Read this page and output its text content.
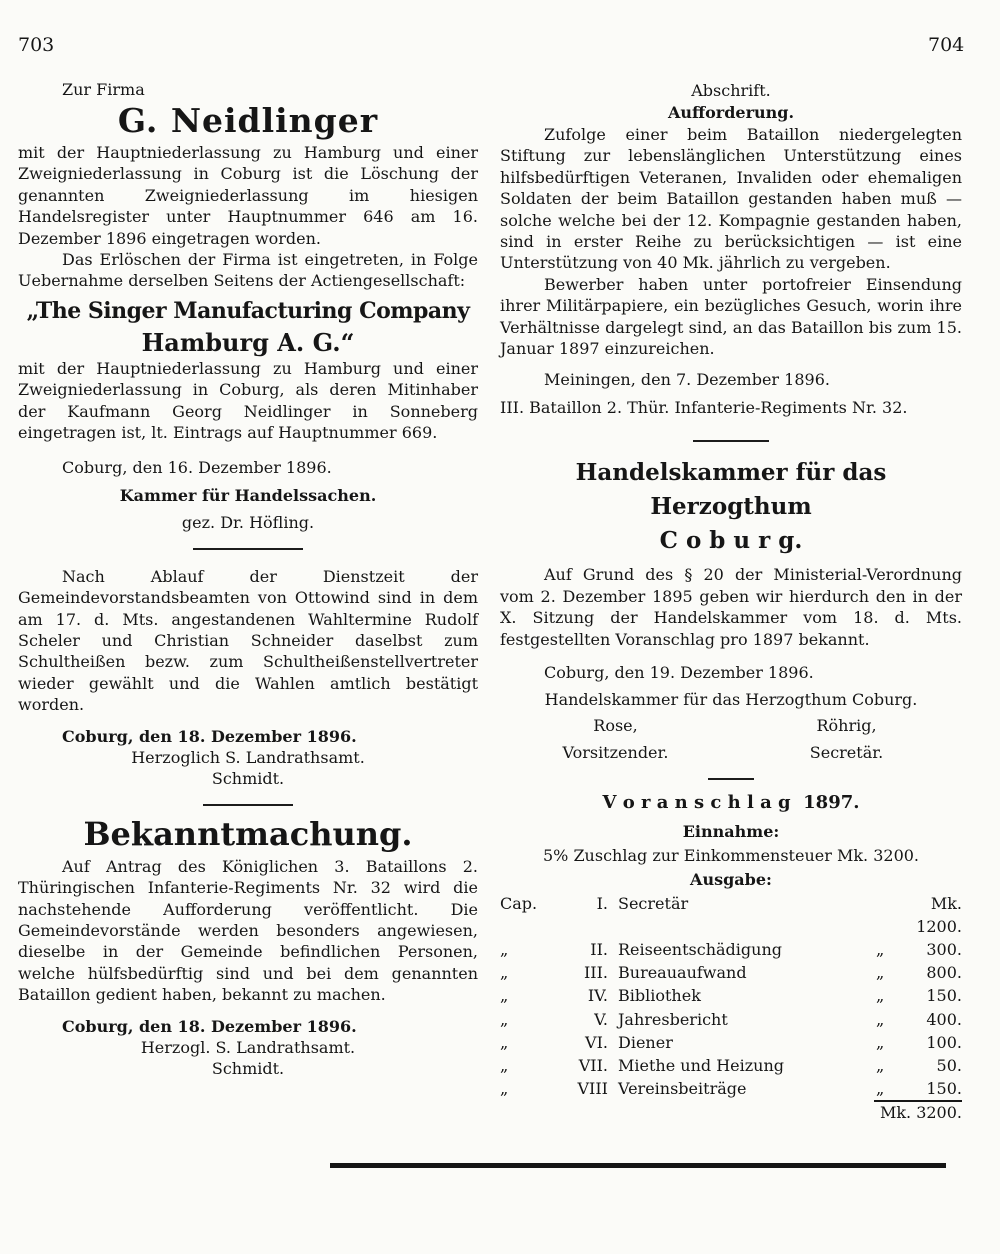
703	704

Zur Firma

G. Neidlinger

mit der Hauptniederlassung zu Hamburg und einer Zweigniederlassung in Coburg ist die Löschung der genannten Zweigniederlassung im hiesigen Handelsregister unter Hauptnummer 646 am 16. Dezember 1896 eingetragen worden.

Das Erlöschen der Firma ist eingetreten, in Folge Uebernahme derselben Seitens der Actiengesellschaft:

„The Singer Manufacturing Company

Hamburg A. G.“

mit der Hauptniederlassung zu Hamburg und einer Zweigniederlassung in Coburg, als deren Mitinhaber der Kaufmann Georg Neidlinger in Sonneberg eingetragen ist, lt. Eintrags auf Hauptnummer 669.

Coburg, den 16. Dezember 1896.

Kammer für Handelssachen.

gez. Dr. Höfling.

Nach Ablauf der Dienstzeit der Gemeindevorstandsbeamten von Ottowind sind in dem am 17. d. Mts. angestandenen Wahltermine Rudolf Scheler und Christian Schneider daselbst zum Schultheißen bezw. zum Schultheißenstellvertreter wieder gewählt und die Wahlen amtlich bestätigt worden.

Coburg, den 18. Dezember 1896.

Herzoglich S. Landrathsamt.

Schmidt.

Bekanntmachung.

Auf Antrag des Königlichen 3. Bataillons 2. Thüringischen Infanterie-Regiments Nr. 32 wird die nachstehende Aufforderung veröffentlicht. Die Gemeindevorstände werden besonders angewiesen, dieselbe in der Gemeinde befindlichen Personen, welche hülfsbedürftig sind und bei dem genannten Bataillon gedient haben, bekannt zu machen.

Coburg, den 18. Dezember 1896.

Herzogl. S. Landrathsamt.

Schmidt.

Abschrift.

Aufforderung.

Zufolge einer beim Bataillon niedergelegten Stiftung zur lebenslänglichen Unterstützung eines hilfsbedürftigen Veteranen, Invaliden oder ehemaligen Soldaten der beim Bataillon gestanden haben muß — solche welche bei der 12. Kompagnie gestanden haben, sind in erster Reihe zu berücksichtigen — ist eine Unterstützung von 40 Mk. jährlich zu vergeben.

Bewerber haben unter portofreier Einsendung ihrer Militärpapiere, ein bezügliches Gesuch, worin ihre Verhältnisse dargelegt sind, an das Bataillon bis zum 15. Januar 1897 einzureichen.

Meiningen, den 7. Dezember 1896.

III. Bataillon 2. Thür. Infanterie-Regiments Nr. 32.

Handelskammer für das Herzogthum

C o b u r g.

Auf Grund des § 20 der Ministerial-Verordnung vom 2. Dezember 1895 geben wir hierdurch den in der X. Sitzung der Handelskammer vom 18. d. Mts. festgestellten Voranschlag pro 1897 bekannt.

Coburg, den 19. Dezember 1896.

Handelskammer für das Herzogthum Coburg.

Rose,	Röhrig,
Vorsitzender.	Secretär.

V o r a n s c h l a g  1897.

Einnahme:

5% Zuschlag zur Einkommensteuer Mk. 3200.

Ausgabe:

Cap.	I. Secretär	Mk. 1200.
„	II. Reiseentschädigung	„	300.
„	III. Bureauaufwand	„	800.
„	IV. Bibliothek	„	150.
„	V. Jahresbericht	„	400.
„	VI. Diener	„	100.
„	VII. Miethe und Heizung	„	50.
„	VIII Vereinsbeiträge	„	150.
Mk. 3200.
